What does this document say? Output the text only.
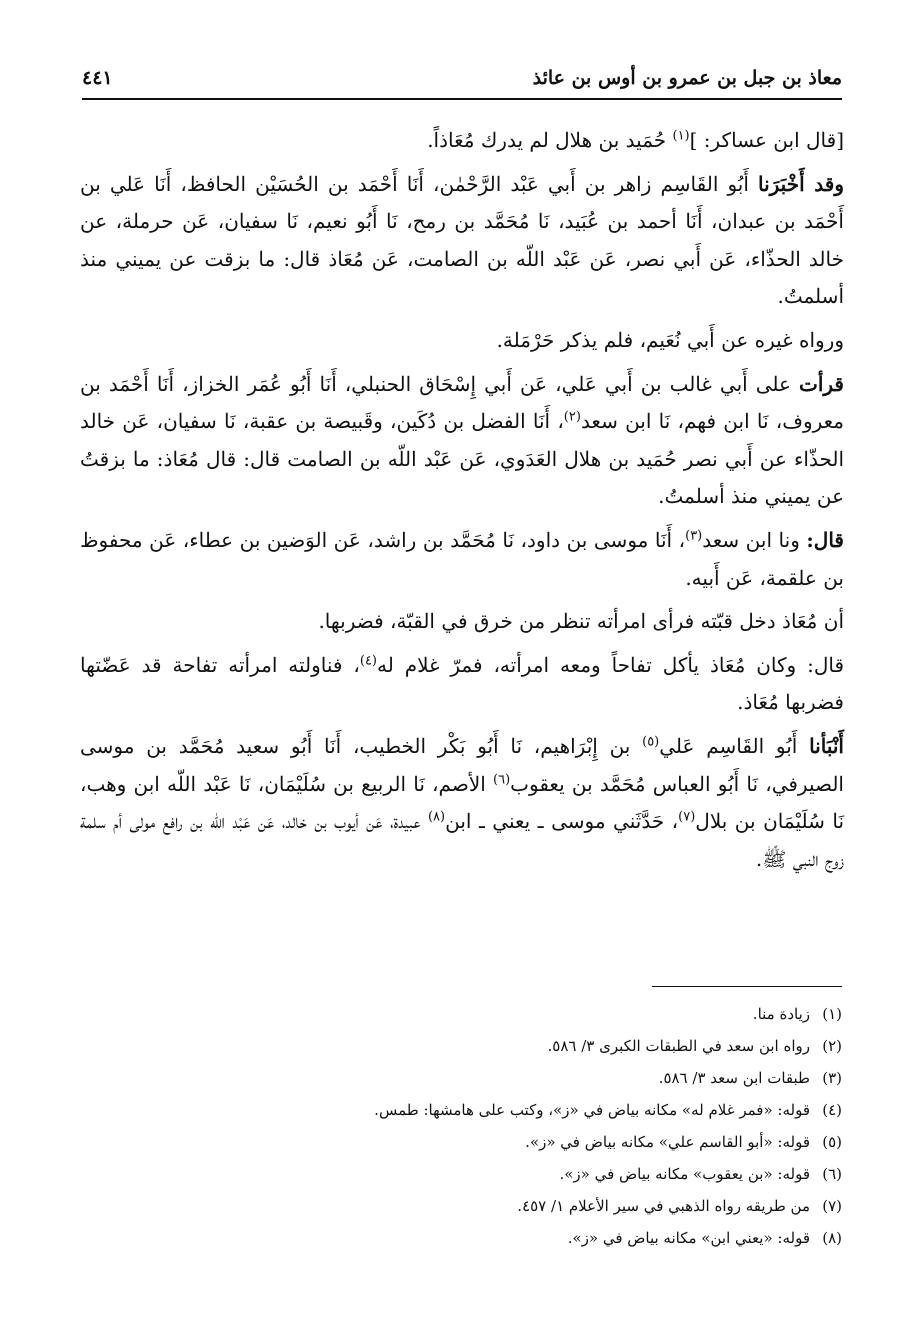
معاذ بن جبل بن عمرو بن أوس بن عائذ
٤٤١

[قال ابن عساكر: ]$^{(١)}$ حُمَيد بن هلال لم يدرك مُعَاذاً.

وقد أَخْبَرَنا أَبُو القَاسِم زاهر بن أَبي عَبْد الرَّحْمٰن، أَنَا أَحْمَد بن الحُسَيْن الحافظ، أَنَا عَلي بن أَحْمَد بن عبدان، أَنَا أحمد بن عُبَيد، نَا مُحَمَّد بن رمح، نَا أَبُو نعيم، نَا سفيان، عَن حرملة، عن خالد الحذّاء، عَن أَبي نصر، عَن عَبْد اللّه بن الصامت، عَن مُعَاذ قال: ما بزقت عن يميني منذ أسلمتُ.

ورواه غيره عن أَبي نُعَيم، فلم يذكر حَرْمَلة.

قرأت على أَبي غالب بن أَبي عَلي، عَن أَبي إِسْحَاق الحنبلي، أَنَا أَبُو عُمَر الخزاز، أَنَا أَحْمَد بن معروف، نَا ابن فهم، نَا ابن سعد$^{(٢)}$، أَنَا الفضل بن دُكَين، وقَبيصة بن عقبة، نَا سفيان، عَن خالد الحذّاء عن أَبي نصر حُمَيد بن هلال العَدَوي، عَن عَبْد اللّه بن الصامت قال: قال مُعَاذ: ما بزقتُ عن يميني منذ أسلمتُ.

قال: ونا ابن سعد$^{(٣)}$، أَنَا موسى بن داود، نَا مُحَمَّد بن راشد، عَن الوَضين بن عطاء، عَن محفوظ بن علقمة، عَن أَبيه.

أن مُعَاذ دخل قبّته فرأى امرأته تنظر من خرق في القبّة، فضربها.

قال: وكان مُعَاذ يأكل تفاحاً ومعه امرأته، فمرّ غلام له$^{(٤)}$، فناولته امرأته تفاحة قد عَضّتها فضربها مُعَاذ.

أَنْبَأنا أَبُو القَاسِم عَلي$^{(٥)}$ بن إِبْرَاهيم، نَا أَبُو بَكْر الخطيب، أَنَا أَبُو سعيد مُحَمَّد بن موسى الصيرفي، نَا أَبُو العباس مُحَمَّد بن يعقوب$^{(٦)}$ الأصم، نَا الربيع بن سُلَيْمَان، نَا عَبْد اللّه ابن وهب، نَا سُلَيْمَان بن بلال$^{(٧)}$، حَدَّثَني موسى ـ يعني ـ ابن$^{(٨)}$ عبيدة، عَن أيوب بن خالد، عَن عَبْد اللّه بن رافع مولى أم سلمة زوج النبي ﷺ.

(١)زيادة منا.
(٢)رواه ابن سعد في الطبقات الكبرى ٣/ ٥٨٦.
(٣)طبقات ابن سعد ٣/ ٥٨٦.
(٤)قوله: «فمر غلام له» مكانه بياض في «ز»، وكتب على هامشها: طمس.
(٥)قوله: «أبو القاسم علي» مكانه بياض في «ز».
(٦)قوله: «بن يعقوب» مكانه بياض في «ز».
(٧)من طريقه رواه الذهبي في سير الأعلام ١/ ٤٥٧.
(٨)قوله: «يعني ابن» مكانه بياض في «ز».
